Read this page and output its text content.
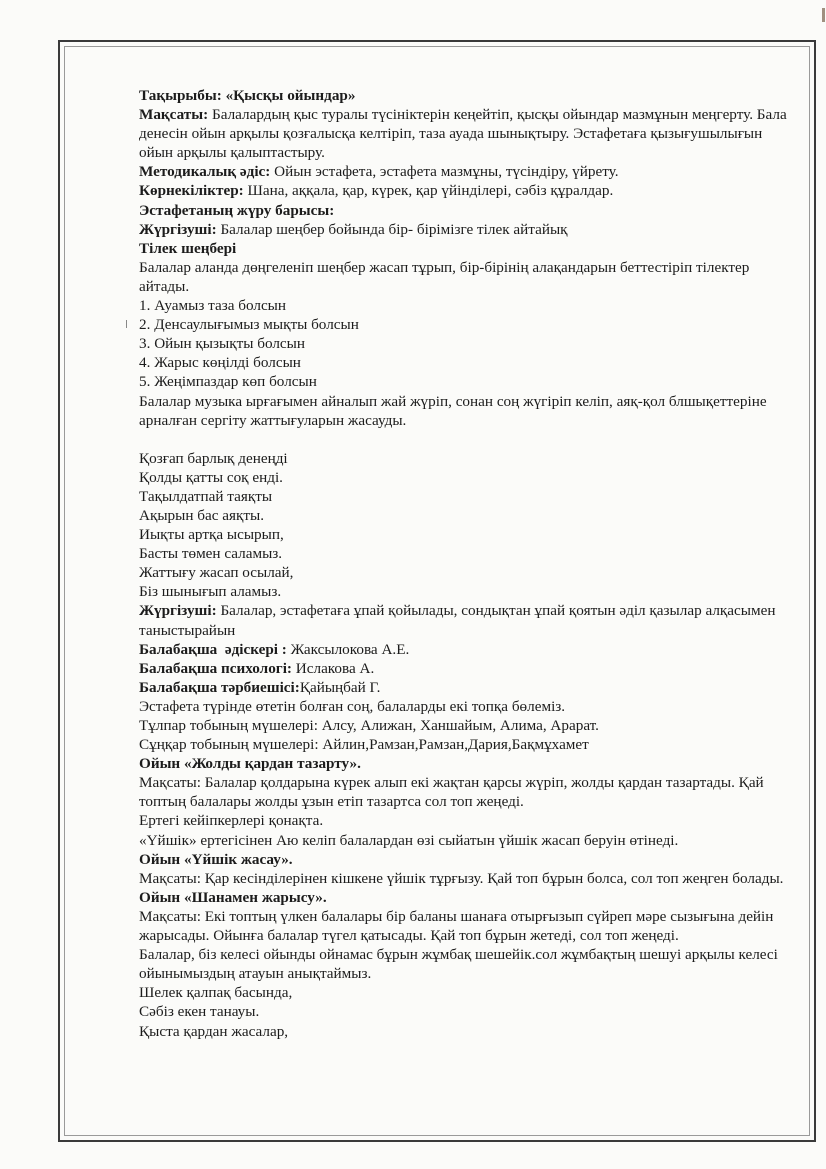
Тақырыбы: «Қысқы ойындар»

Мақсаты: Балалардың қыс туралы түсініктерін кеңейтіп, қысқы ойындар мазмұнын меңгерту. Бала денесін ойын арқылы қозғалысқа келтіріп, таза ауада шынықтыру. Эстафетаға қызығушылығын ойын арқылы қалыптастыру.

Методикалық әдіс: Ойын эстафета, эстафета мазмұны, түсіндіру, үйрету.

Көрнекіліктер: Шана, аққала, қар, күрек, қар үйінділері, сәбіз құралдар.

Эстафетаның жүру барысы:

Жүргізуші: Балалар шеңбер бойында бір- бірімізге тілек айтайық

Тілек шеңбері

Балалар аланда дөңгеленіп шеңбер жасап тұрып, бір-бірінің алақандарын беттестіріп тілектер айтады.

1. Ауамыз таза болсын

2. Денсаулығымыз мықты болсын

3. Ойын қызықты болсын

4. Жарыс көңілді болсын

5. Жеңімпаздар көп болсын

Балалар музыка ырғағымен айналып жай жүріп, сонан соң жүгіріп келіп, аяқ-қол блшықеттеріне арналған сергіту жаттығуларын жасауды.

Қозғап барлық денеңді

Қолды қатты соқ енді.

Тақылдатпай таяқты

Ақырын бас аяқты.

Иықты артқа ысырып,

Басты төмен саламыз.

Жаттығу жасап осылай,

Біз шынығып аламыз.

Жүргізуші: Балалар, эстафетаға ұпай қойылады, сондықтан ұпай қоятын әділ қазылар алқасымен таныстырайын

Балабақша  әдіскері : Жаксылокова А.Е.

Балабақша психологі: Ислакова А.

Балабақша тәрбиешісі:Қайыңбай Г.

Эстафета түрінде өтетін болған соң, балаларды екі топқа бөлеміз.

Тұлпар тобының мүшелері: Алсу, Алижан, Ханшайым, Алима, Арарат.

Сұңқар тобының мүшелері: Айлин,Рамзан,Рамзан,Дария,Бақмұхамет

Ойын «Жолды қардан тазарту».

Мақсаты: Балалар қолдарына күрек алып екі жақтан қарсы жүріп, жолды қардан тазартады. Қай топтың балалары жолды ұзын етіп тазартса сол топ жеңеді.

Ертегі кейіпкерлері қонақта.

«Үйшік» ертегісінен Аю келіп балалардан өзі сыйатын үйшік жасап беруін өтінеді.

Ойын «Үйшік жасау».

Мақсаты: Қар кесінділерінен кішкене үйшік тұрғызу. Қай топ бұрын болса, сол топ жеңген болады.

Ойын «Шанамен жарысу».

Мақсаты: Екі топтың үлкен балалары бір баланы шанаға отырғызып сүйреп мәре сызығына дейін жарысады. Ойынға балалар түгел қатысады. Қай топ бұрын жетеді, сол топ жеңеді.

Балалар, біз келесі ойынды ойнамас бұрын жұмбақ шешейік.сол жұмбақтың шешуі арқылы келесі ойынымыздың атауын анықтаймыз.

Шелек қалпақ басында,

Сәбіз екен танауы.

Қыста қардан жасалар,
